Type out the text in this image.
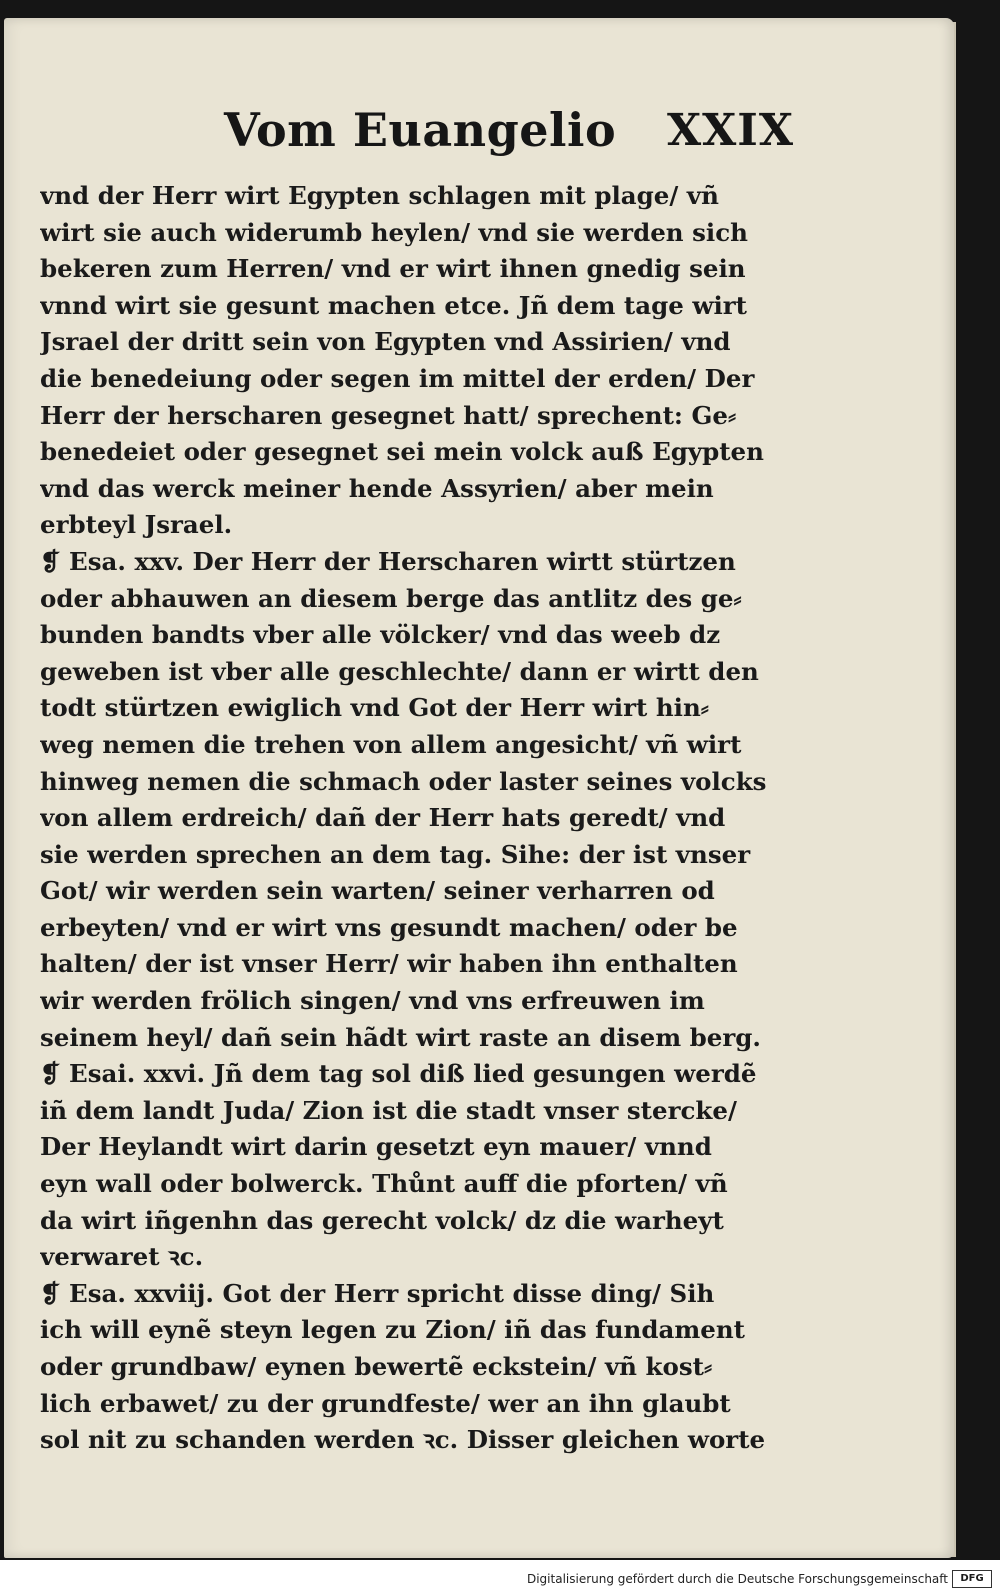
Vom Euangelio XXIX
vnd der Herr wirt Egypten schlagen mit plage/ vñ
wirt sie auch widerumb heylen/ vnd sie werden sich
bekeren zum Herren/ vnd er wirt ihnen gnedig sein
vnnd wirt sie gesunt machen etce. Jñ dem tage wirt
Jsrael der dritt sein von Egypten vnd Assirien/ vnd
die benedeiung oder segen im mittel der erden/ Der
Herr der herscharen gesegnet hatt/ sprechent: Ge⸗
benedeiet oder gesegnet sei mein volck auß Egypten
vnd das werck meiner hende Assyrien/ aber mein
erbteyl Jsrael.
❡ Esa. xxv. Der Herr der Herscharen wirtt stürtzen
oder abhauwen an diesem berge das antlitz des ge⸗
bunden bandts vber alle völcker/ vnd das weeb dz
geweben ist vber alle geschlechte/ dann er wirtt den
todt stürtzen ewiglich vnd Got der Herr wirt hin⸗
weg nemen die trehen von allem angesicht/ vñ wirt
hinweg nemen die schmach oder laster seines volcks
von allem erdreich/ dañ der Herr hats geredt/ vnd
sie werden sprechen an dem tag. Sihe: der ist vnser
Got/ wir werden sein warten/ seiner verharren od
erbeyten/ vnd er wirt vns gesundt machen/ oder be
halten/ der ist vnser Herr/ wir haben ihn enthalten
wir werden frölich singen/ vnd vns erfreuwen im
seinem heyl/ dañ sein hãdt wirt raste an disem berg.
❡ Esai. xxvi. Jñ dem tag sol diß lied gesungen werdẽ
iñ dem landt Juda/ Zion ist die stadt vnser stercke/
Der Heylandt wirt darin gesetzt eyn mauer/ vnnd
eyn wall oder bolwerck. Thůnt auff die pforten/ vñ
da wirt iñgenhn das gerecht volck/ dz die warheyt
verwaret ꝛc.
❡ Esa. xxviij. Got der Herr spricht disse ding/ Sih
ich will eynẽ steyn legen zu Zion/ iñ das fundament
oder grundbaw/ eynen bewertẽ eckstein/ vñ kost⸗
lich erbawet/ zu der grundfeste/ wer an ihn glaubt
sol nit zu schanden werden ꝛc. Disser gleichen worte
Digitalisierung gefördert durch die Deutsche Forschungsgemeinschaft	DFG
